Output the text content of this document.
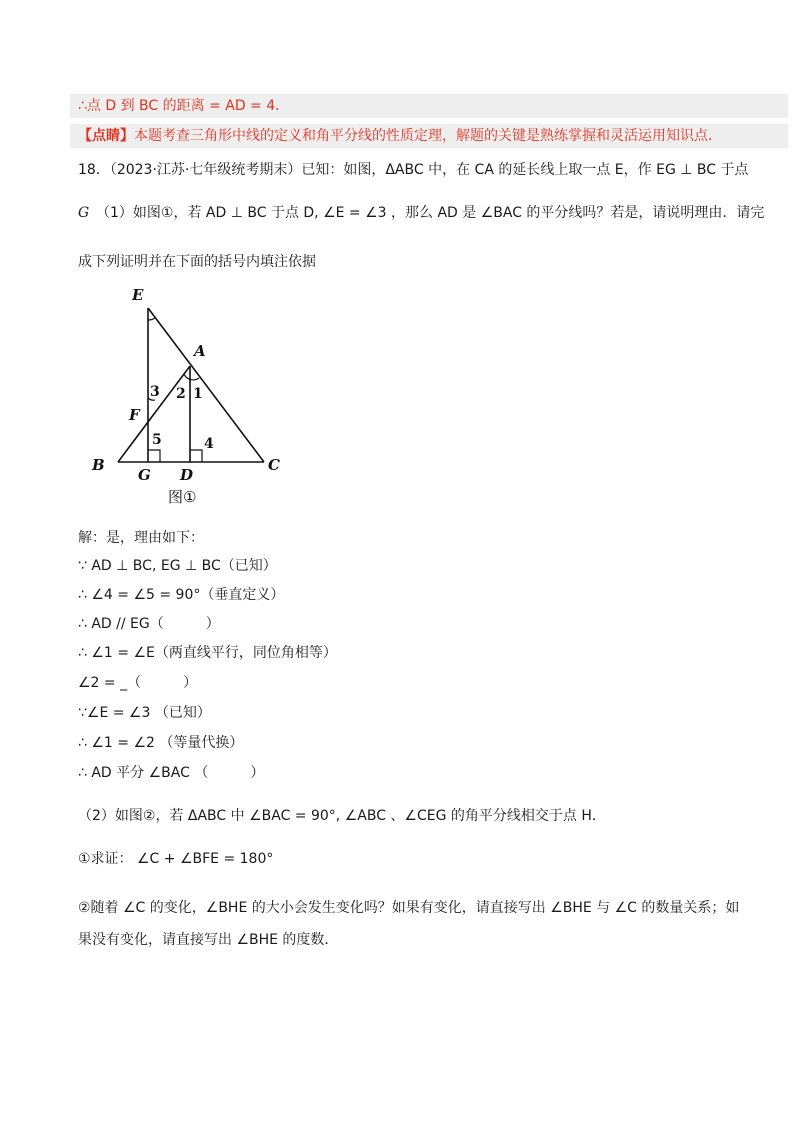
∴点 D 到 BC 的距离 = AD = 4．
【点睛】本题考查三角形中线的定义和角平分线的性质定理，解题的关键是熟练掌握和灵活运用知识点．
18．（2023·江苏·七年级统考期末）已知：如图，ΔABC 中，在 CA 的延长线上取一点 E，作 EG ⊥ BC 于点
G （1）如图①，若 AD ⊥ BC 于点 D, ∠E = ∠3 ，那么 AD 是 ∠BAC 的平分线吗？若是，请说明理由．请完
成下列证明并在下面的括号内填注依据
E
A
F
B
G D
C
2 1
3
5	4
图①
解：是，理由如下：
∵ AD ⊥ BC, EG ⊥ BC（已知）
∴ ∠4 = ∠5 = 90°（垂直定义）
∴ AD // EG（　　　）
∴ ∠1 = ∠E（两直线平行，同位角相等）
∠2 = _（　　　）
∵∠E = ∠3 （已知）
∴ ∠1 = ∠2 （等量代换）
∴ AD 平分 ∠BAC （　　　）
（2）如图②，若 ΔABC 中 ∠BAC = 90°, ∠ABC 、∠CEG 的角平分线相交于点 H．
①求证： ∠C + ∠BFE = 180°
②随着 ∠C 的变化，∠BHE 的大小会发生变化吗？如果有变化，请直接写出 ∠BHE 与 ∠C 的数量关系；如
果没有变化，请直接写出 ∠BHE 的度数．
